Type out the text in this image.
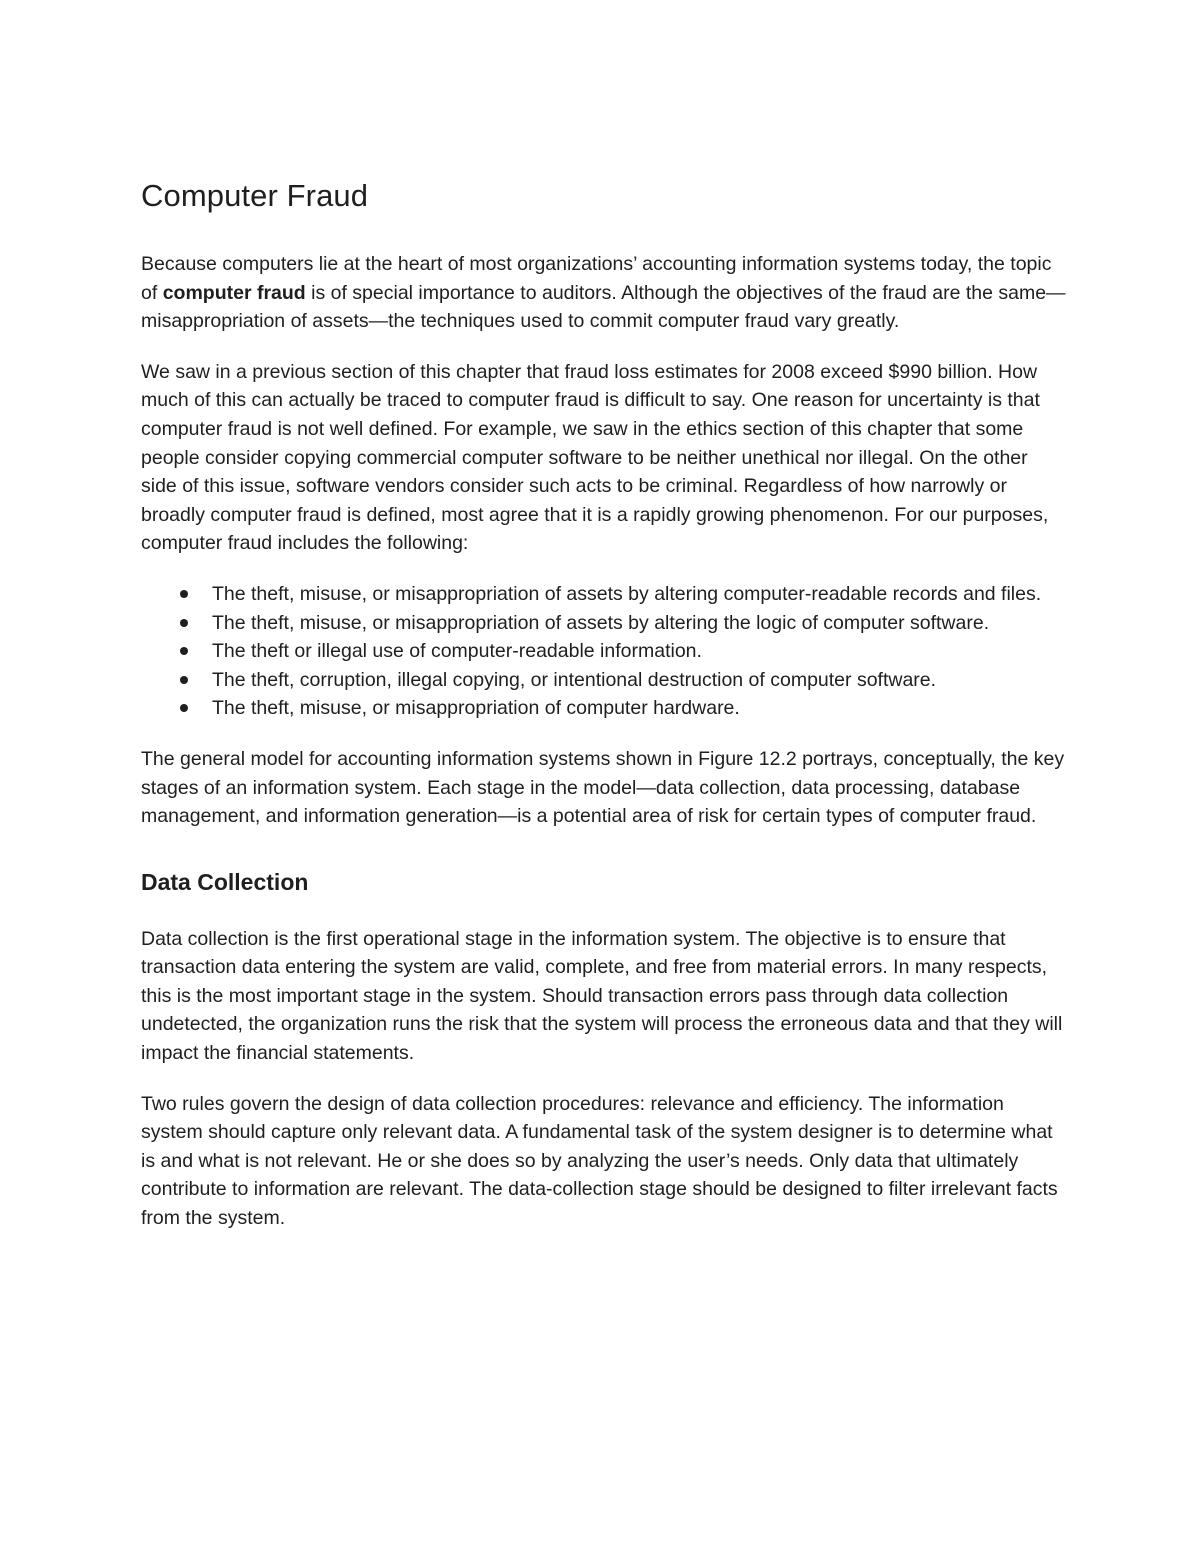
Computer Fraud

Because computers lie at the heart of most organizations’ accounting information systems today, the topic of computer fraud is of special importance to auditors. Although the objectives of the fraud are the same—misappropriation of assets—the techniques used to commit computer fraud vary greatly.

We saw in a previous section of this chapter that fraud loss estimates for 2008 exceed $990 billion. How much of this can actually be traced to computer fraud is difficult to say. One reason for uncertainty is that computer fraud is not well defined. For example, we saw in the ethics section of this chapter that some people consider copying commercial computer software to be neither unethical nor illegal. On the other side of this issue, software vendors consider such acts to be criminal. Regardless of how narrowly or broadly computer fraud is defined, most agree that it is a rapidly growing phenomenon. For our purposes, computer fraud includes the following:

The theft, misuse, or misappropriation of assets by altering computer-readable records and files.
The theft, misuse, or misappropriation of assets by altering the logic of computer software.
The theft or illegal use of computer-readable information.
The theft, corruption, illegal copying, or intentional destruction of computer software.
The theft, misuse, or misappropriation of computer hardware.

The general model for accounting information systems shown in Figure 12.2 portrays, conceptually, the key stages of an information system. Each stage in the model—data collection, data processing, database management, and information generation—is a potential area of risk for certain types of computer fraud.

Data Collection

Data collection is the first operational stage in the information system. The objective is to ensure that transaction data entering the system are valid, complete, and free from material errors. In many respects, this is the most important stage in the system. Should transaction errors pass through data collection undetected, the organization runs the risk that the system will process the erroneous data and that they will impact the financial statements.

Two rules govern the design of data collection procedures: relevance and efficiency. The information system should capture only relevant data. A fundamental task of the system designer is to determine what is and what is not relevant. He or she does so by analyzing the user’s needs. Only data that ultimately contribute to information are relevant. The data-collection stage should be designed to filter irrelevant facts from the system.
